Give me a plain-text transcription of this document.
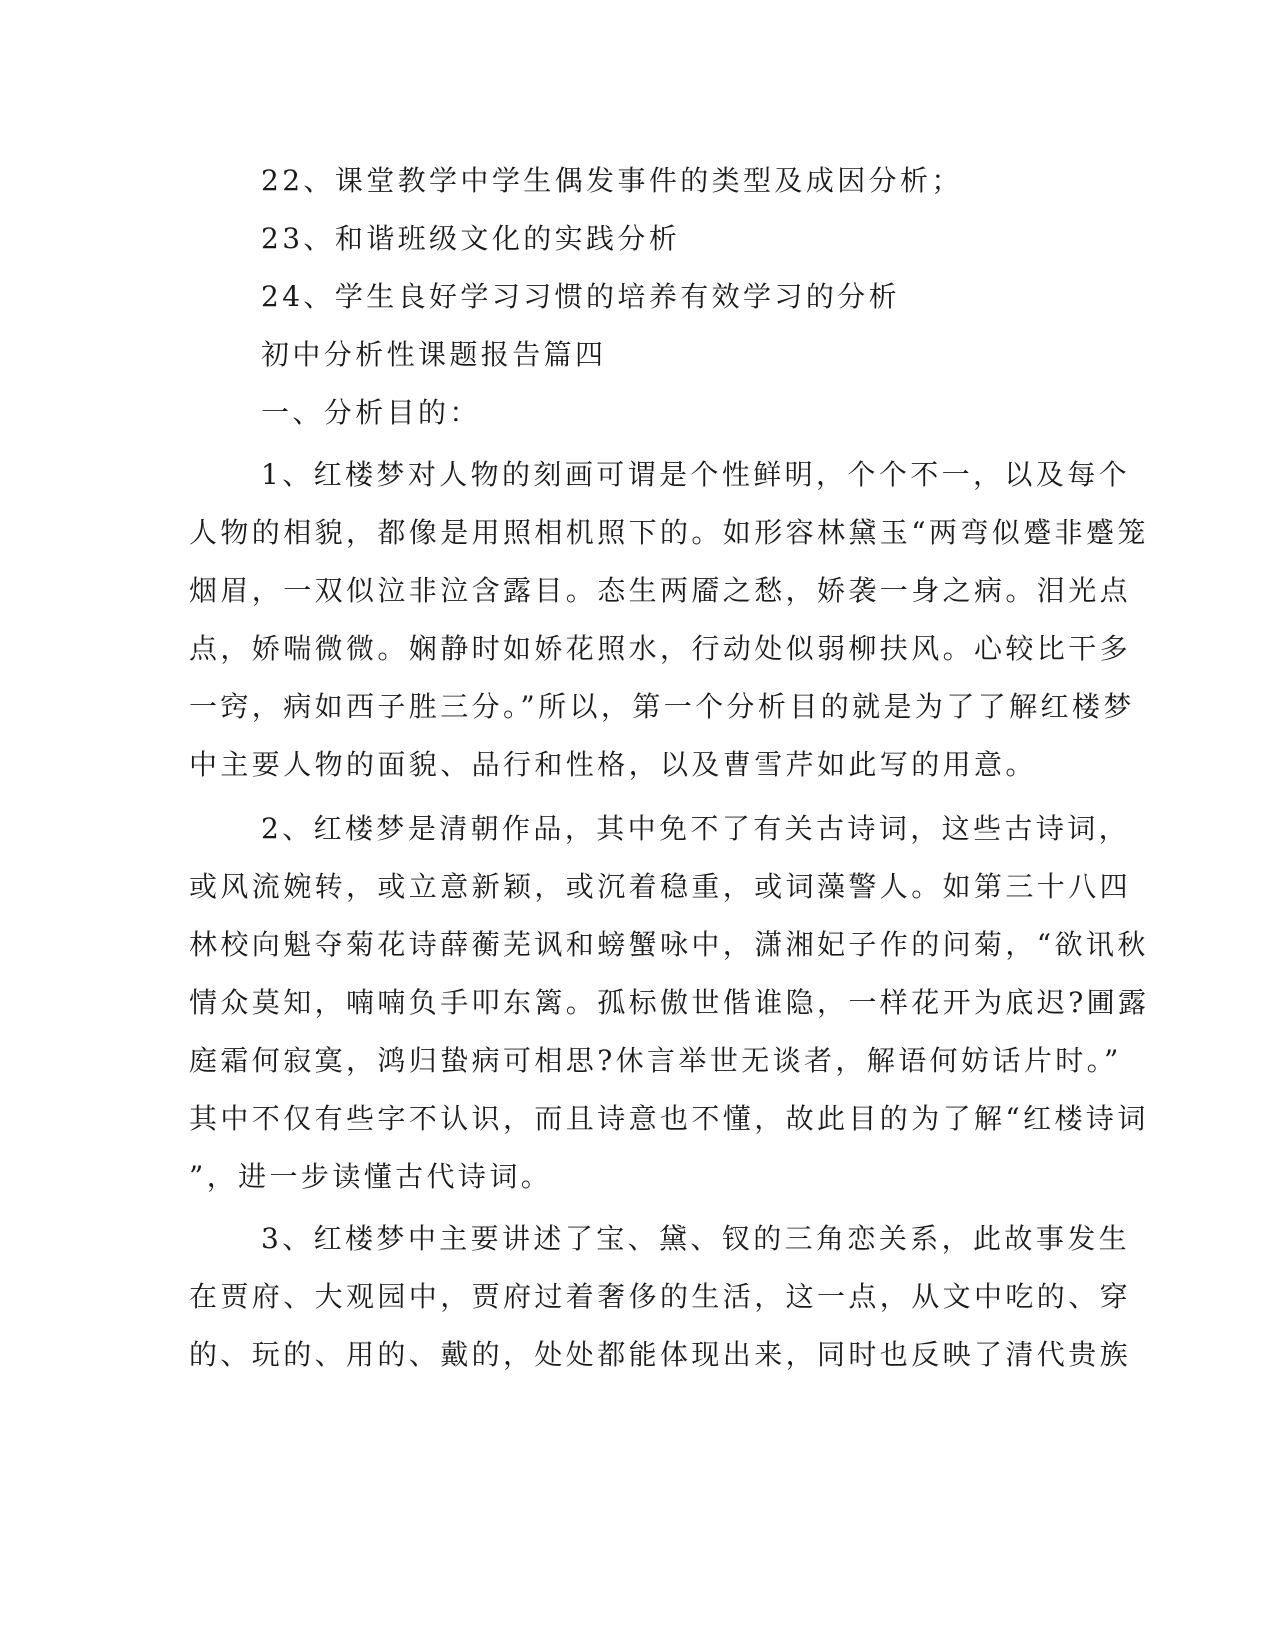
22、课堂教学中学生偶发事件的类型及成因分析；

23、和谐班级文化的实践分析

24、学生良好学习习惯的培养有效学习的分析

初中分析性课题报告篇四

一、分析目的：

1、红楼梦对人物的刻画可谓是个性鲜明，个个不一，以及每个

人物的相貌，都像是用照相机照下的。如形容林黛玉“两弯似蹙非蹙笼

烟眉，一双似泣非泣含露目。态生两靥之愁，娇袭一身之病。泪光点

点，娇喘微微。娴静时如娇花照水，行动处似弱柳扶风。心较比干多

一窍，病如西子胜三分。”所以，第一个分析目的就是为了了解红楼梦

中主要人物的面貌、品行和性格，以及曹雪芹如此写的用意。

2、红楼梦是清朝作品，其中免不了有关古诗词，这些古诗词，

或风流婉转，或立意新颖，或沉着稳重，或词藻警人。如第三十八四

林校向魁夺菊花诗薛蘅芜讽和螃蟹咏中，潇湘妃子作的问菊，“欲讯秋

情众莫知，喃喃负手叩东篱。孤标傲世偕谁隐，一样花开为底迟?圃露

庭霜何寂寞，鸿归蛰病可相思?休言举世无谈者，解语何妨话片时。”

其中不仅有些字不认识，而且诗意也不懂，故此目的为了解“红楼诗词

”，进一步读懂古代诗词。

3、红楼梦中主要讲述了宝、黛、钗的三角恋关系，此故事发生

在贾府、大观园中，贾府过着奢侈的生活，这一点，从文中吃的、穿

的、玩的、用的、戴的，处处都能体现出来，同时也反映了清代贵族
